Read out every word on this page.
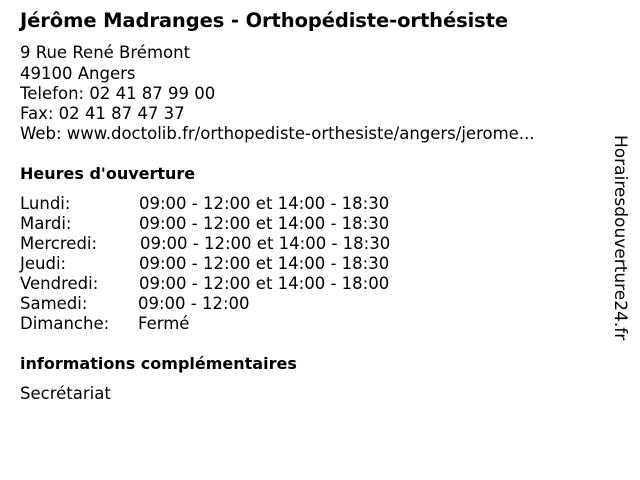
Jérôme Madranges - Orthopédiste-orthésiste
9 Rue René Brémont
49100 Angers
Telefon: 02 41 87 99 00
Fax: 02 41 87 47 37
Web: www.doctolib.fr/orthopediste-orthesiste/angers/jerome...
Heures d'ouverture
Lundi:	09:00 - 12:00 et 14:00 - 18:30
Mardi:	09:00 - 12:00 et 14:00 - 18:30
Mercredi:	09:00 - 12:00 et 14:00 - 18:30
Jeudi:	09:00 - 12:00 et 14:00 - 18:30
Vendredi: 09:00 - 12:00 et 14:00 - 18:00
Samedi:	09:00 - 12:00
Dimanche: Fermé
informations complémentaires
Secrétariat
Horairesdouverture24.fr
